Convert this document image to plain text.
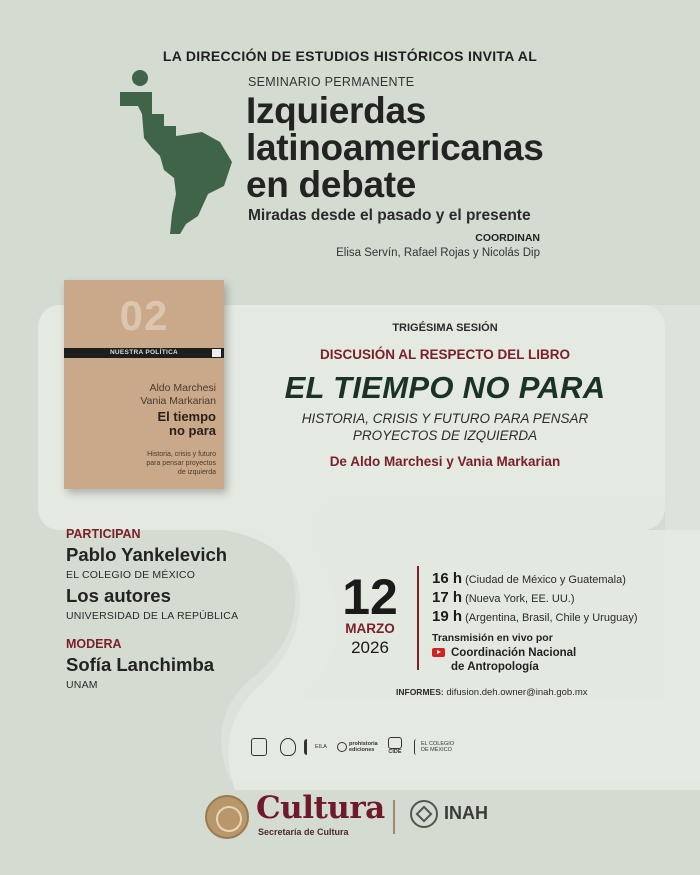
LA DIRECCIÓN DE ESTUDIOS HISTÓRICOS INVITA AL
SEMINARIO PERMANENTE
Izquierdas
latinoamericanas
en debate
Miradas desde el pasado y el presente
COORDINAN
Elisa Servín, Rafael Rojas y Nicolás Dip
02
NUESTRA POLÍTICA
Aldo Marchesi
Vania Markarian
El tiempo
no para
Historia, crisis y futuro
para pensar proyectos
de izquierda
TRIGÉSIMA SESIÓN
DISCUSIÓN AL RESPECTO DEL LIBRO
EL TIEMPO NO PARA
HISTORIA, CRISIS Y FUTURO PARA PENSAR
PROYECTOS DE IZQUIERDA
De Aldo Marchesi y Vania Markarian
PARTICIPAN
Pablo Yankelevich
EL COLEGIO DE MÉXICO
Los autores
UNIVERSIDAD DE LA REPÚBLICA
MODERA
Sofía Lanchimba
UNAM
12
MARZO
2026
16 h (Ciudad de México y Guatemala)
17 h (Nueva York, EE. UU.)
19 h (Argentina, Brasil, Chile y Uruguay)
Transmisión en vivo por
Coordinación Nacional
de Antropología
INFORMES: difusion.deh.owner@inah.gob.mx
EILA	prohistoria ediciones	CIDE
EL COLEGIO DE MÉXICO
Cultura
Secretaría de Cultura
INAH
